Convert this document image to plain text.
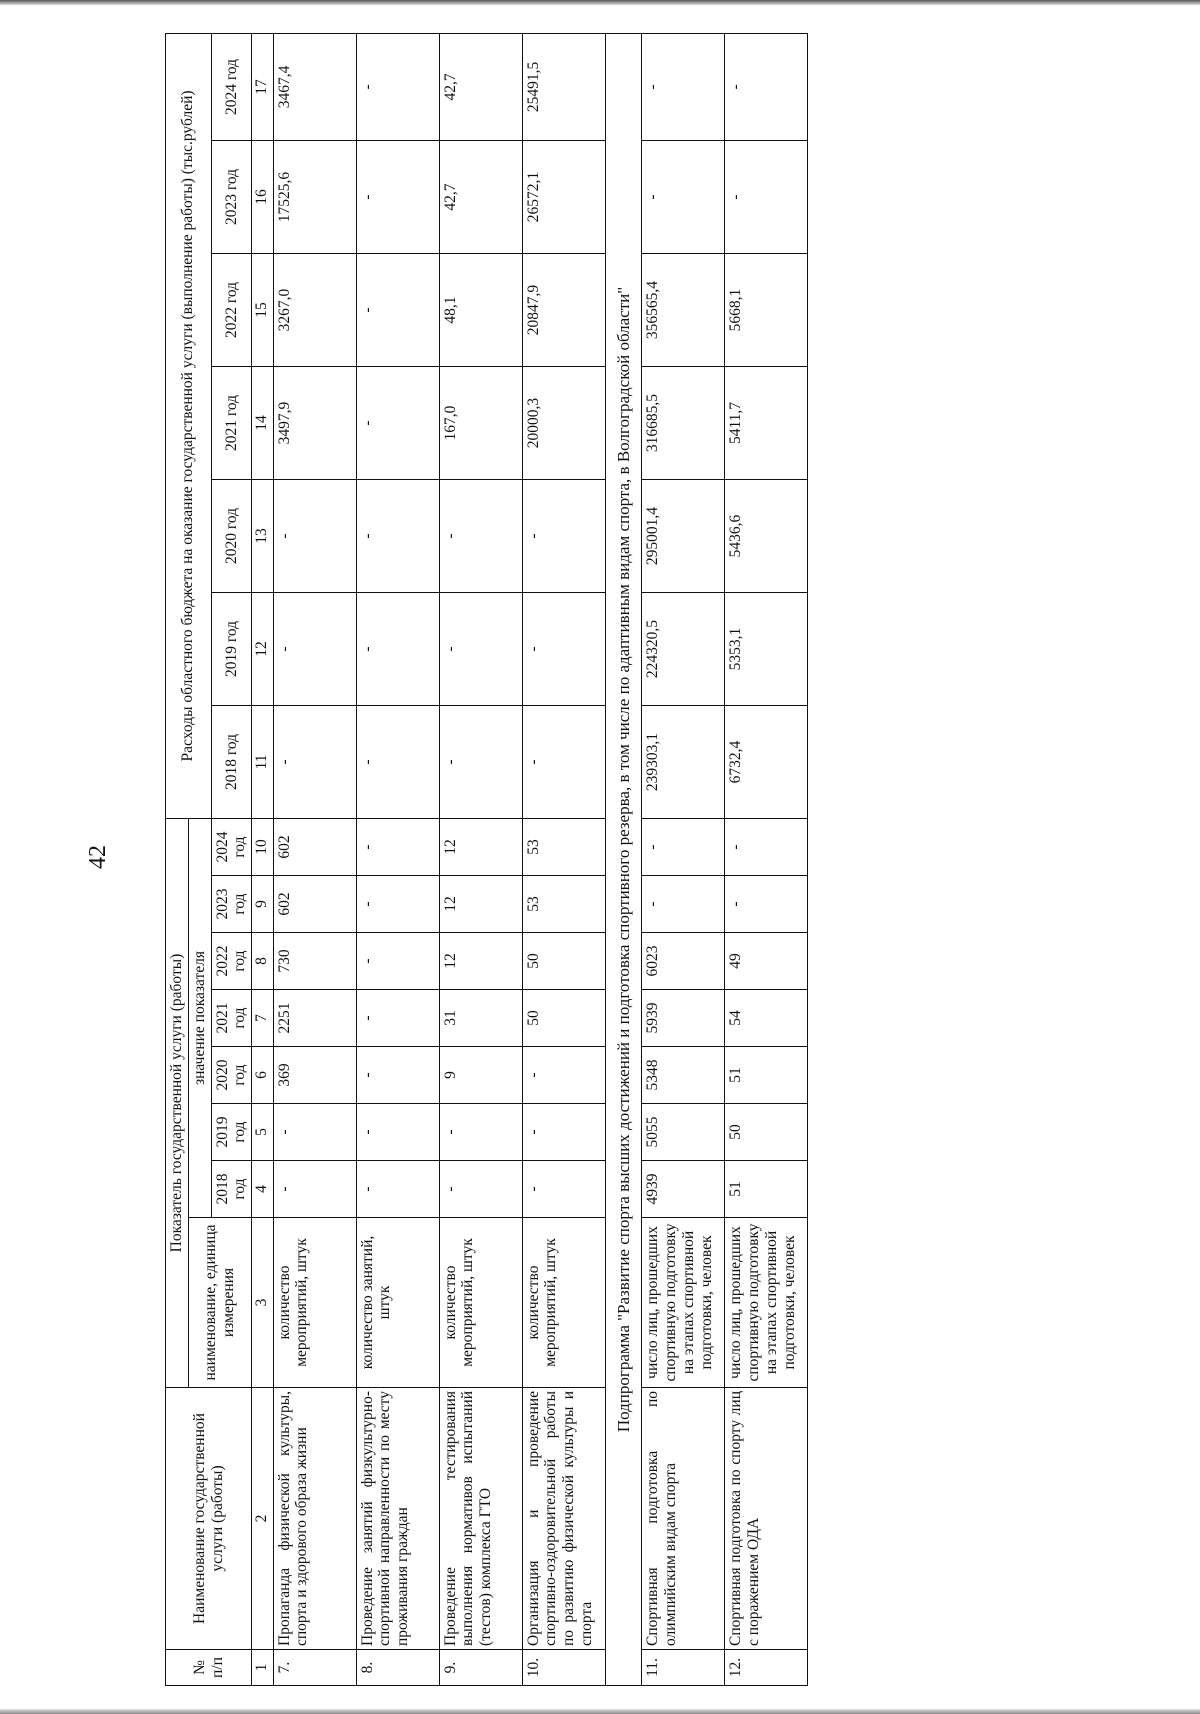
42
№ п/п	Наименование государственной услуги (работы)	Показатель государственной услуги (работы)								Расходы областного бюджета на оказание государственной услуги (выполнение работы) (тыс.рублей)						
		наименование, единица измерения	значение показателя													
			2018 год	2019 год	2020 год	2021 год	2022 год	2023 год	2024 год	2018 год	2019 год	2020 год	2021 год	2022 год	2023 год	2024 год
1	2	3	4	5	6	7	8	9	10	11	12	13	14	15	16	17
7.	Пропаганда физической культуры, спорта и здорового образа жизни	количество мероприятий, штук	-	-	369	2251	730	602	602	-	-	-	3497,9	3267,0	17525,6	3467,4
8.	Проведение занятий физкультурно-спортивной направленности по месту проживания граждан	количество занятий, штук	-	-	-	-	-	-	-	-	-	-	-	-	-	-
9.	Проведение тестирования выполнения нормативов испытаний (тестов) комплекса ГТО	количество мероприятий, штук	-	-	9	31	12	12	12	-	-	-	167,0	48,1	42,7	42,7
10.	Организация и проведение спортивно-оздоровительной работы по развитию физической культуры и спорта	количество мероприятий, штук	-	-	-	50	50	53	53	-	-	-	20000,3	20847,9	26572,1	25491,5
Подпрограмма "Развитие спорта высших достижений и подготовка спортивного резерва, в том числе по адаптивным видам спорта, в Волгоградской области"																
11.	Спортивная подготовка по олимпийским видам спорта	число лиц, прошедших спортивную подготовку на этапах спортивной подготовки, человек	4939	5055	5348	5939	6023	-	-	239303,1	224320,5	295001,4	316685,5	356565,4	-	-
12.	Спортивная подготовка по спорту лиц с поражением ОДА	число лиц, прошедших спортивную подготовку на этапах спортивной подготовки, человек	51	50	51	54	49	-	-	6732,4	5353,1	5436,6	5411,7	5668,1	-	-
